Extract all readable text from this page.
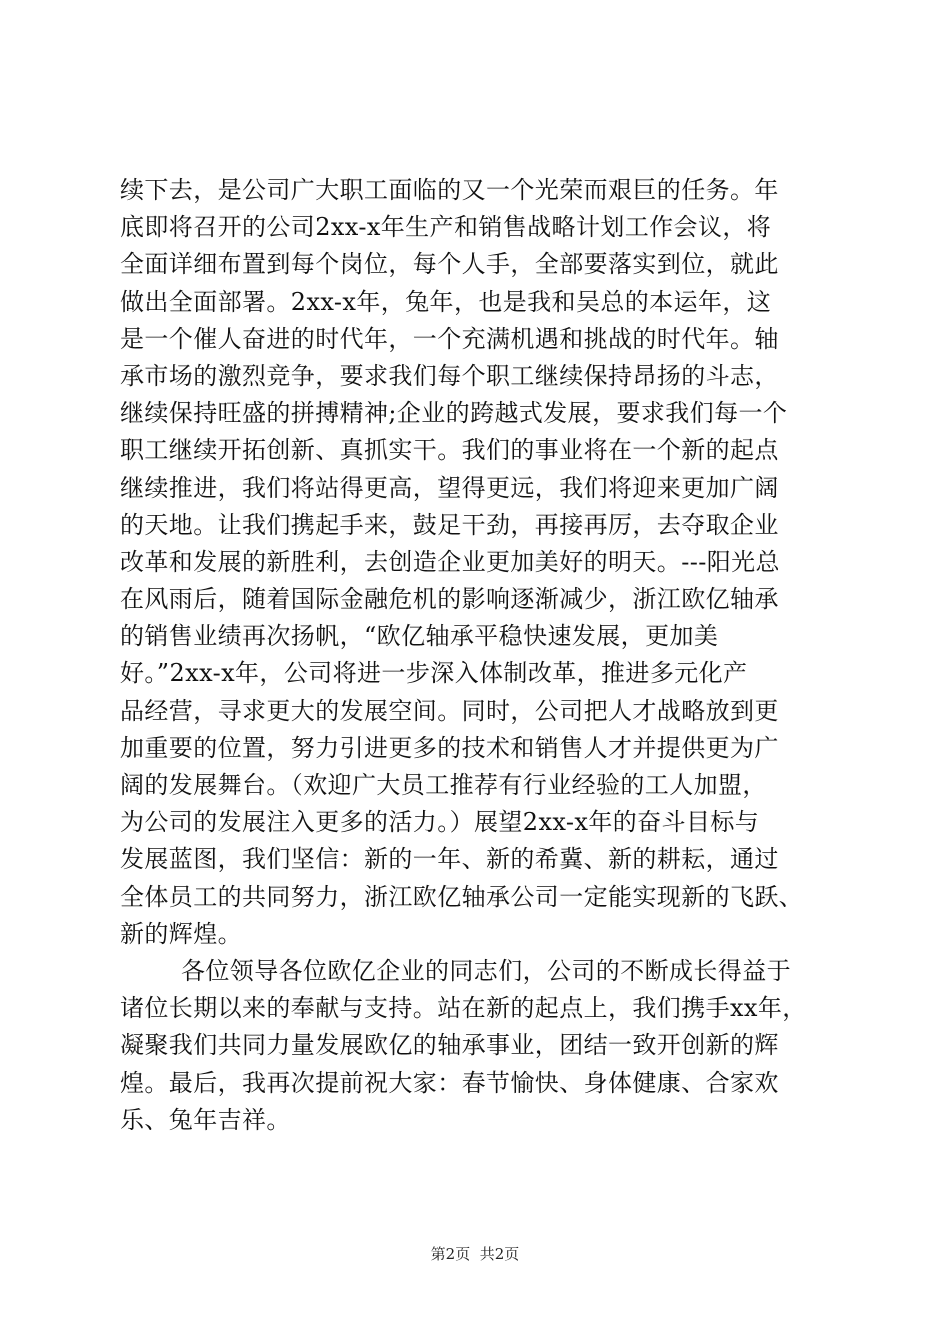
续下去，是公司广大职工面临的又一个光荣而艰巨的任务。年
底即将召开的公司2xx-x年生产和销售战略计划工作会议，将
全面详细布置到每个岗位，每个人手，全部要落实到位，就此
做出全面部署。2xx-x年，兔年，也是我和吴总的本运年，这
是一个催人奋进的时代年，一个充满机遇和挑战的时代年。轴
承市场的激烈竞争，要求我们每个职工继续保持昂扬的斗志，
继续保持旺盛的拼搏精神;企业的跨越式发展，要求我们每一个
职工继续开拓创新、真抓实干。我们的事业将在一个新的起点
继续推进，我们将站得更高，望得更远，我们将迎来更加广阔
的天地。让我们携起手来，鼓足干劲，再接再厉，去夺取企业
改革和发展的新胜利，去创造企业更加美好的明天。---阳光总
在风雨后，随着国际金融危机的影响逐渐减少，浙江欧亿轴承
的销售业绩再次扬帆，“欧亿轴承平稳快速发展，更加美
好。”2xx-x年，公司将进一步深入体制改革，推进多元化产
品经营，寻求更大的发展空间。同时，公司把人才战略放到更
加重要的位置，努力引进更多的技术和销售人才并提供更为广
阔的发展舞台。（欢迎广大员工推荐有行业经验的工人加盟，
为公司的发展注入更多的活力。）展望2xx-x年的奋斗目标与
发展蓝图，我们坚信：新的一年、新的希冀、新的耕耘，通过
全体员工的共同努力，浙江欧亿轴承公司一定能实现新的飞跃、
新的辉煌。
各位领导各位欧亿企业的同志们，公司的不断成长得益于
诸位长期以来的奉献与支持。站在新的起点上，我们携手xx年，
凝聚我们共同力量发展欧亿的轴承事业，团结一致开创新的辉
煌。最后，我再次提前祝大家：春节愉快、身体健康、合家欢
乐、兔年吉祥。
第2页 共2页
